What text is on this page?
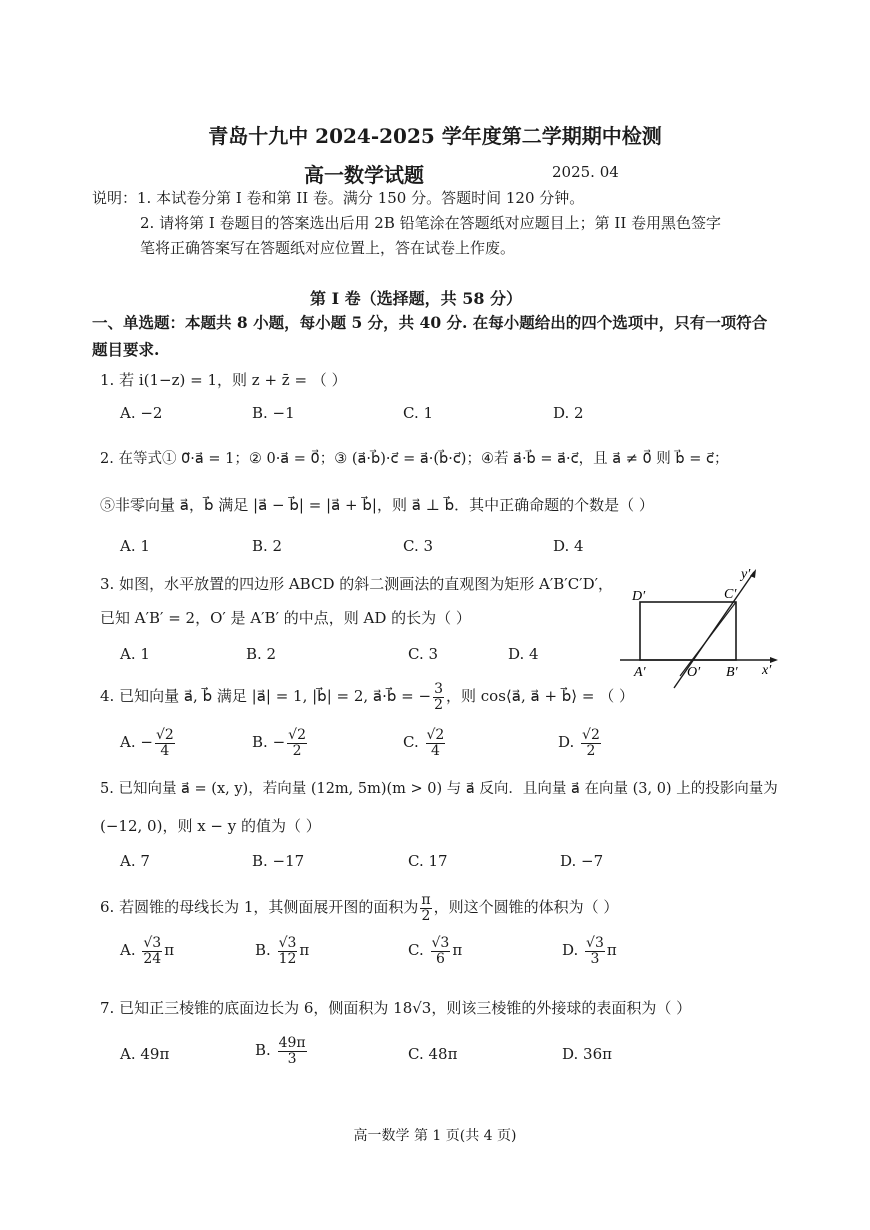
青岛十九中 2024-2025 学年度第二学期期中检测
高一数学试题	2025. 04
说明：1. 本试卷分第 I 卷和第 II 卷。满分 150 分。答题时间 120 分钟。
2. 请将第 I 卷题目的答案选出后用 2B 铅笔涂在答题纸对应题目上；第 II 卷用黑色签字
笔将正确答案写在答题纸对应位置上，答在试卷上作废。
第 I 卷（选择题，共 58 分）
一、单选题：本题共 8 小题，每小题 5 分，共 40 分. 在每小题给出的四个选项中，只有一项符合
题目要求.
1. 若 i(1−z) = 1，则 z + z̄ = （ ）
A. −2	B. −1	C. 1	D. 2
2. 在等式① 0⃗·a⃗ = 1；② 0·a⃗ = 0⃗；③ (a⃗·b⃗)·c⃗ = a⃗·(b⃗·c⃗)；④若 a⃗·b⃗ = a⃗·c⃗，且 a⃗ ≠ 0⃗ 则 b⃗ = c⃗；
⑤非零向量 a⃗，b⃗ 满足 |a⃗ − b⃗| = |a⃗ + b⃗|，则 a⃗ ⊥ b⃗．其中正确命题的个数是（ ）
A. 1	B. 2	C. 3	D. 4
3. 如图，水平放置的四边形 ABCD 的斜二测画法的直观图为矩形 A′B′C′D′，
已知 A′B′ = 2，O′ 是 A′B′ 的中点，则 AD 的长为（ ）
A. 1	B. 2	C. 3	D. 4
D′	C′
A′	O′ B′ x′
y′
4. 已知向量 a⃗, b⃗ 满足 |a⃗| = 1, |b⃗| = 2, a⃗·b⃗ = − $\frac{3}{2}$ ，则 cos⟨a⃗, a⃗ + b⃗⟩ = （ ）
A. − $\frac{√2}{4}$	B. − $\frac{√2}{2}$	C. $\frac{√2}{4}$	D. $\frac{√2}{2}$
5. 已知向量 a⃗ = (x, y)，若向量 (12m, 5m)(m > 0) 与 a⃗ 反向．且向量 a⃗ 在向量 (3, 0) 上的投影向量为
(−12, 0)，则 x − y 的值为（ ）
A. 7	B. −17	C. 17	D. −7
6. 若圆锥的母线长为 1，其侧面展开图的面积为 $\frac{\pi}{2}$ ，则这个圆锥的体积为（ ）
A. $\frac{√3}{24}$ π	B. $\frac{√3}{12}$ π	C. $\frac{√3}{6}$ π	D. $\frac{√3}{3}$ π
7. 已知正三棱锥的底面边长为 6，侧面积为 18√3，则该三棱锥的外接球的表面积为（ ）
A. 49π	B. $\frac{49\pi}{3}$	C. 48π	D. 36π
高一数学 第 1 页(共 4 页)
